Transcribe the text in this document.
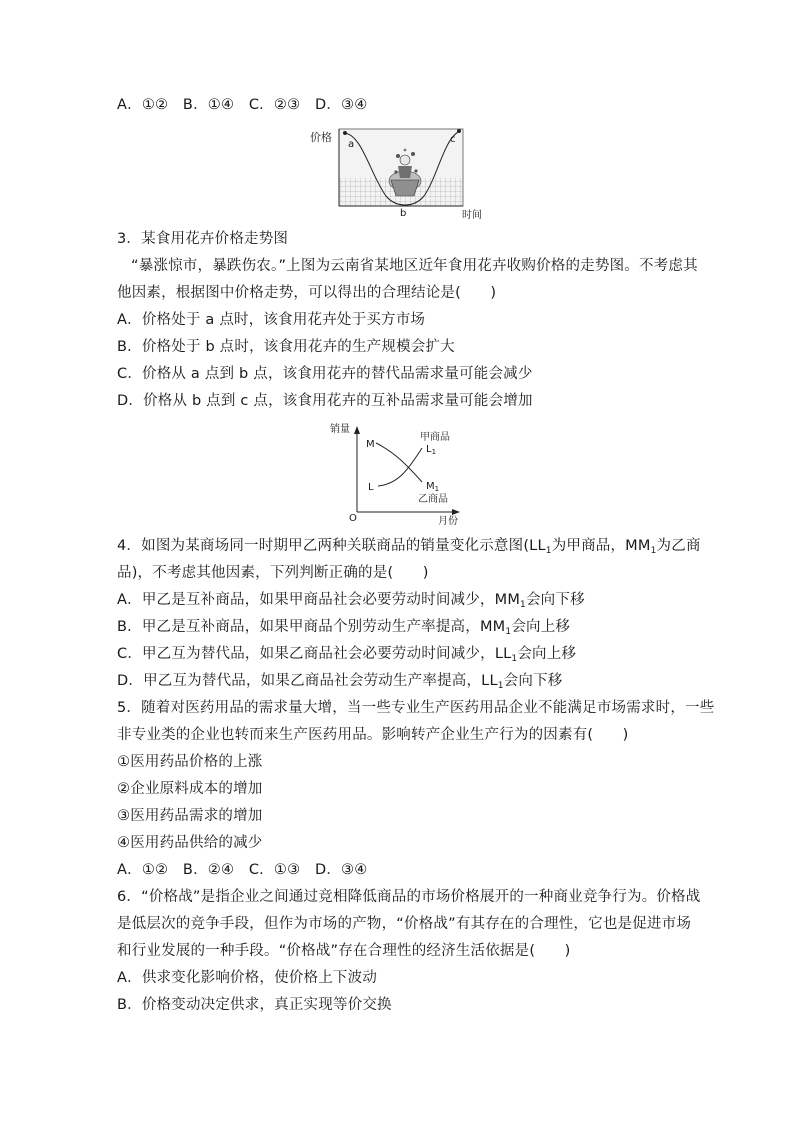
A．①②　B．①④　C．②③　D．③④
价格
a	c
b	时间
3．某食用花卉价格走势图
“暴涨惊市，暴跌伤农。”上图为云南省某地区近年食用花卉收购价格的走势图。不考虑其
他因素，根据图中价格走势，可以得出的合理结论是(　　)
A．价格处于 a 点时，该食用花卉处于买方市场
B．价格处于 b 点时，该食用花卉的生产规模会扩大
C．价格从 a 点到 b 点，该食用花卉的替代品需求量可能会减少
D．价格从 b 点到 c 点，该食用花卉的互补品需求量可能会增加
销量
O	月份
M
L
$L_1$
$M_1$
甲商品
乙商品
4．如图为某商场同一时期甲乙两种关联商品的销量变化示意图($LL_1$为甲商品，$MM_1$为乙商
品)，不考虑其他因素，下列判断正确的是(　　)
A．甲乙是互补商品，如果甲商品社会必要劳动时间减少，$MM_1$会向下移
B．甲乙是互补商品，如果甲商品个别劳动生产率提高，$MM_1$会向上移
C．甲乙互为替代品，如果乙商品社会必要劳动时间减少，$LL_1$会向上移
D．甲乙互为替代品，如果乙商品社会劳动生产率提高，$LL_1$会向下移
5．随着对医药用品的需求量大增，当一些专业生产医药用品企业不能满足市场需求时，一些
非专业类的企业也转而来生产医药用品。影响转产企业生产行为的因素有(　　)
①医用药品价格的上涨
②企业原料成本的增加
③医用药品需求的增加
④医用药品供给的减少
A．①②　B．②④　C．①③　D．③④
6．“价格战”是指企业之间通过竞相降低商品的市场价格展开的一种商业竞争行为。价格战
是低层次的竞争手段，但作为市场的产物，“价格战”有其存在的合理性，它也是促进市场
和行业发展的一种手段。“价格战”存在合理性的经济生活依据是(　　)
A．供求变化影响价格，使价格上下波动
B．价格变动决定供求，真正实现等价交换
